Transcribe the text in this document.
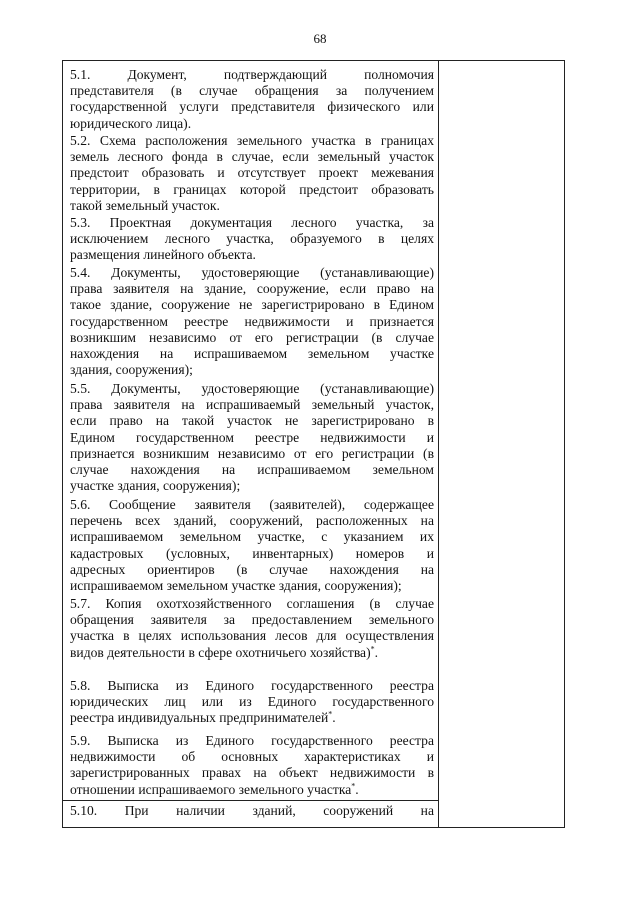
68
5.1. Документ, подтверждающий полномочия
представителя (в случае обращения за получением
государственной услуги представителя физического или
юридического лица).
5.2. Схема расположения земельного участка в границах
земель лесного фонда в случае, если земельный участок
предстоит образовать и отсутствует проект межевания
территории, в границах которой предстоит образовать
такой земельный участок.
5.3. Проектная документация лесного участка, за
исключением лесного участка, образуемого в целях
размещения линейного объекта.
5.4. Документы, удостоверяющие (устанавливающие)
права заявителя на здание, сооружение, если право на
такое здание, сооружение не зарегистрировано в Едином
государственном реестре недвижимости и признается
возникшим независимо от его регистрации (в случае
нахождения на испрашиваемом земельном участке
здания, сооружения);
5.5. Документы, удостоверяющие (устанавливающие)
права заявителя на испрашиваемый земельный участок,
если право на такой участок не зарегистрировано в
Едином государственном реестре недвижимости и
признается возникшим независимо от его регистрации (в
случае нахождения на испрашиваемом земельном
участке здания, сооружения);
5.6. Сообщение заявителя (заявителей), содержащее
перечень всех зданий, сооружений, расположенных на
испрашиваемом земельном участке, с указанием их
кадастровых (условных, инвентарных) номеров и
адресных ориентиров (в случае нахождения на
испрашиваемом земельном участке здания, сооружения);
5.7. Копия охотхозяйственного соглашения (в случае
обращения заявителя за предоставлением земельного
участка в целях использования лесов для осуществления
видов деятельности в сфере охотничьего хозяйства)*.
5.8. Выписка из Единого государственного реестра
юридических лиц или из Единого государственного
реестра индивидуальных предпринимателей*.
5.9. Выписка из Единого государственного реестра
недвижимости об основных характеристиках и
зарегистрированных правах на объект недвижимости в
отношении испрашиваемого земельного участка*.
5.10. При наличии зданий, сооружений на
